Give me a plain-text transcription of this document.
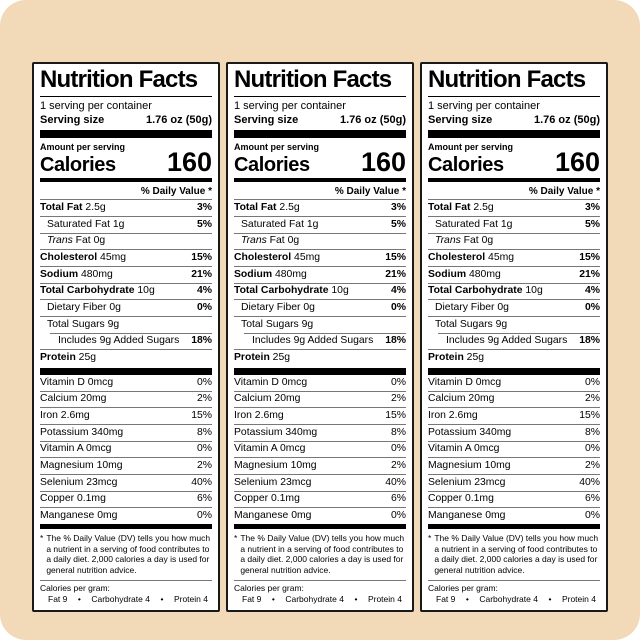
Nutrition Facts
1 serving per container
Serving size	1.76 oz (50g)
Amount per serving
Calories 160
% Daily Value *
Total Fat 2.5g	3%
Saturated Fat 1g	5%
Trans Fat 0g
Cholesterol 45mg	15%
Sodium 480mg	21%
Total Carbohydrate 10g	4%
Dietary Fiber 0g	0%
Total Sugars 9g
Includes 9g Added Sugars 18%
Protein 25g
Vitamin D 0mcg	0%
Calcium 20mg	2%
Iron 2.6mg	15%
Potassium 340mg	8%
Vitamin A 0mcg	0%
Magnesium 10mg	2%
Selenium 23mcg	40%
Copper 0.1mg	6%
Manganese 0mg	0%
* The % Daily Value (DV) tells you how much a nutrient in a serving of food contributes to a daily diet. 2,000 calories a day is used for general nutrition advice.
Calories per gram:
Fat 9 • Carbohydrate 4 • Protein 4
Nutrition Facts
1 serving per container
Serving size	1.76 oz (50g)
Amount per serving
Calories 160
% Daily Value *
Total Fat 2.5g	3%
Saturated Fat 1g	5%
Trans Fat 0g
Cholesterol 45mg	15%
Sodium 480mg	21%
Total Carbohydrate 10g	4%
Dietary Fiber 0g	0%
Total Sugars 9g
Includes 9g Added Sugars 18%
Protein 25g
Vitamin D 0mcg	0%
Calcium 20mg	2%
Iron 2.6mg	15%
Potassium 340mg	8%
Vitamin A 0mcg	0%
Magnesium 10mg	2%
Selenium 23mcg	40%
Copper 0.1mg	6%
Manganese 0mg	0%
* The % Daily Value (DV) tells you how much a nutrient in a serving of food contributes to a daily diet. 2,000 calories a day is used for general nutrition advice.
Calories per gram:
Fat 9 • Carbohydrate 4 • Protein 4
Nutrition Facts
1 serving per container
Serving size	1.76 oz (50g)
Amount per serving
Calories 160
% Daily Value *
Total Fat 2.5g	3%
Saturated Fat 1g	5%
Trans Fat 0g
Cholesterol 45mg	15%
Sodium 480mg	21%
Total Carbohydrate 10g	4%
Dietary Fiber 0g	0%
Total Sugars 9g
Includes 9g Added Sugars 18%
Protein 25g
Vitamin D 0mcg	0%
Calcium 20mg	2%
Iron 2.6mg	15%
Potassium 340mg	8%
Vitamin A 0mcg	0%
Magnesium 10mg	2%
Selenium 23mcg	40%
Copper 0.1mg	6%
Manganese 0mg	0%
* The % Daily Value (DV) tells you how much a nutrient in a serving of food contributes to a daily diet. 2,000 calories a day is used for general nutrition advice.
Calories per gram:
Fat 9 • Carbohydrate 4 • Protein 4
